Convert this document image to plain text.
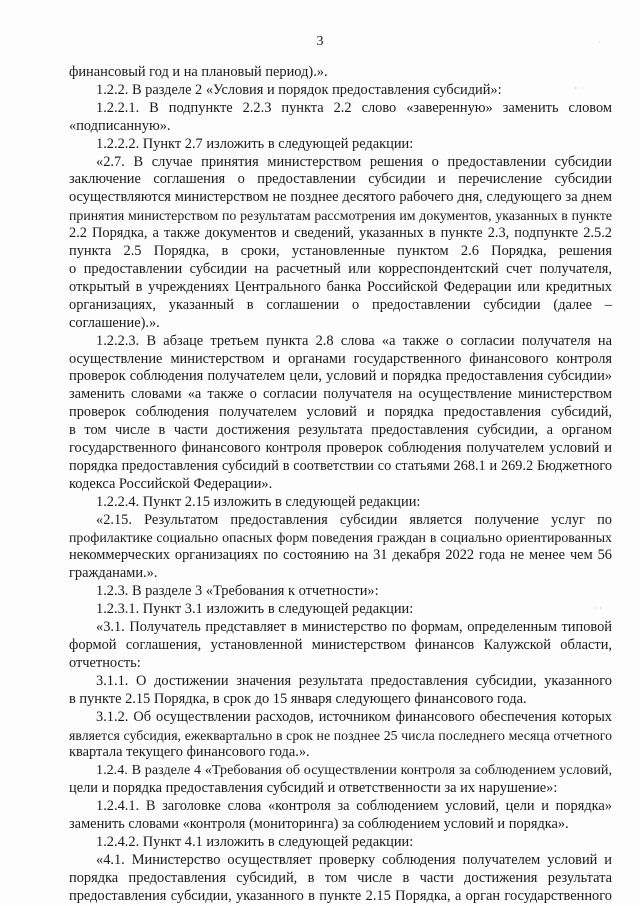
3	·
·· ·
· ·
финансовый год и на плановый период).».
1.2.2. В разделе 2 «Условия и порядок предоставления субсидий»:
1.2.2.1. В подпункте 2.2.3 пункта 2.2 слово «заверенную» заменить словом
«подписанную».
1.2.2.2. Пункт 2.7 изложить в следующей редакции:
«2.7. В случае принятия министерством решения о предоставлении субсидии
заключение соглашения о предоставлении субсидии и перечисление субсидии
осуществляются министерством не позднее десятого рабочего дня, следующего за днем
принятия министерством по результатам рассмотрения им документов, указанных в пункте
2.2 Порядка, а также документов и сведений, указанных в пункте 2.3, подпункте 2.5.2
пункта 2.5 Порядка, в сроки, установленные пунктом 2.6 Порядка, решения
о предоставлении субсидии на расчетный или корреспондентский счет получателя,
открытый в учреждениях Центрального банка Российской Федерации или кредитных
организациях, указанный в соглашении о предоставлении субсидии (далее –
соглашение).».
1.2.2.3. В абзаце третьем пункта 2.8 слова «а также о согласии получателя на
осуществление министерством и органами государственного финансового контроля
проверок соблюдения получателем цели, условий и порядка предоставления субсидии»
заменить словами «а также о согласии получателя на осуществление министерством
проверок соблюдения получателем условий и порядка предоставления субсидий,
в том числе в части достижения результата предоставления субсидии, а органом
государственного финансового контроля проверок соблюдения получателем условий и
порядка предоставления субсидий в соответствии со статьями 268.1 и 269.2 Бюджетного
кодекса Российской Федерации».
1.2.2.4. Пункт 2.15 изложить в следующей редакции:
«2.15. Результатом предоставления субсидии является получение услуг по
профилактике социально опасных форм поведения граждан в социально ориентированных
некоммерческих организациях по состоянию на 31 декабря 2022 года не менее чем 56
гражданами.».
1.2.3. В разделе 3 «Требования к отчетности»:
1.2.3.1. Пункт 3.1 изложить в следующей редакции:
«3.1. Получатель представляет в министерство по формам, определенным типовой
формой соглашения, установленной министерством финансов Калужской области,
отчетность:
3.1.1. О достижении значения результата предоставления субсидии, указанного
в пункте 2.15 Порядка, в срок до 15 января следующего финансового года.
3.1.2. Об осуществлении расходов, источником финансового обеспечения которых
является субсидия, ежеквартально в срок не позднее 25 числа последнего месяца отчетного
квартала текущего финансового года.».
1.2.4. В разделе 4 «Требования об осуществлении контроля за соблюдением условий,
цели и порядка предоставления субсидий и ответственности за их нарушение»:
1.2.4.1. В заголовке слова «контроля за соблюдением условий, цели и порядка»
заменить словами «контроля (мониторинга) за соблюдением условий и порядка».
1.2.4.2. Пункт 4.1 изложить в следующей редакции:
«4.1. Министерство осуществляет проверку соблюдения получателем условий и
порядка предоставления субсидий, в том числе в части достижения результата
предоставления субсидии, указанного в пункте 2.15 Порядка, а орган государственного
